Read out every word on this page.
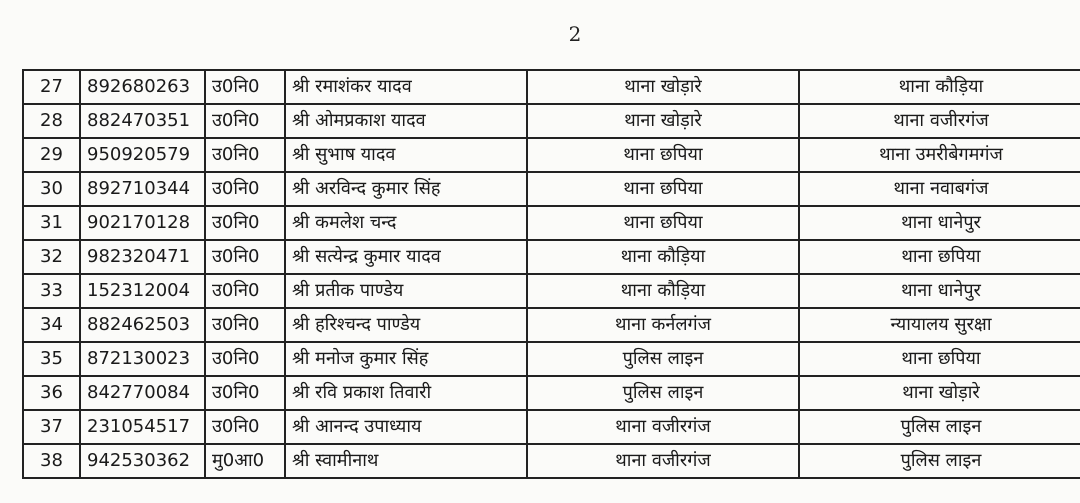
2
27	892680263	उ0नि0	श्री रमाशंकर यादव	थाना खोड़ारे	थाना कौड़िया
28	882470351	उ0नि0	श्री ओमप्रकाश यादव	थाना खोड़ारे	थाना वजीरगंज
29	950920579	उ0नि0	श्री सुभाष यादव	थाना छपिया	थाना उमरीबेगमगंज
30	892710344	उ0नि0	श्री अरविन्द कुमार सिंह	थाना छपिया	थाना नवाबगंज
31	902170128	उ0नि0	श्री कमलेश चन्द	थाना छपिया	थाना धानेपुर
32	982320471	उ0नि0	श्री सत्येन्द्र कुमार यादव	थाना कौड़िया	थाना छपिया
33	152312004	उ0नि0	श्री प्रतीक पाण्डेय	थाना कौड़िया	थाना धानेपुर
34	882462503	उ0नि0	श्री हरिश्चन्द पाण्डेय	थाना कर्नलगंज	न्यायालय सुरक्षा
35	872130023	उ0नि0	श्री मनोज कुमार सिंह	पुलिस लाइन	थाना छपिया
36	842770084	उ0नि0	श्री रवि प्रकाश तिवारी	पुलिस लाइन	थाना खोड़ारे
37	231054517	उ0नि0	श्री आनन्द उपाध्याय	थाना वजीरगंज	पुलिस लाइन
38	942530362	मु0आ0	श्री स्वामीनाथ	थाना वजीरगंज	पुलिस लाइन
